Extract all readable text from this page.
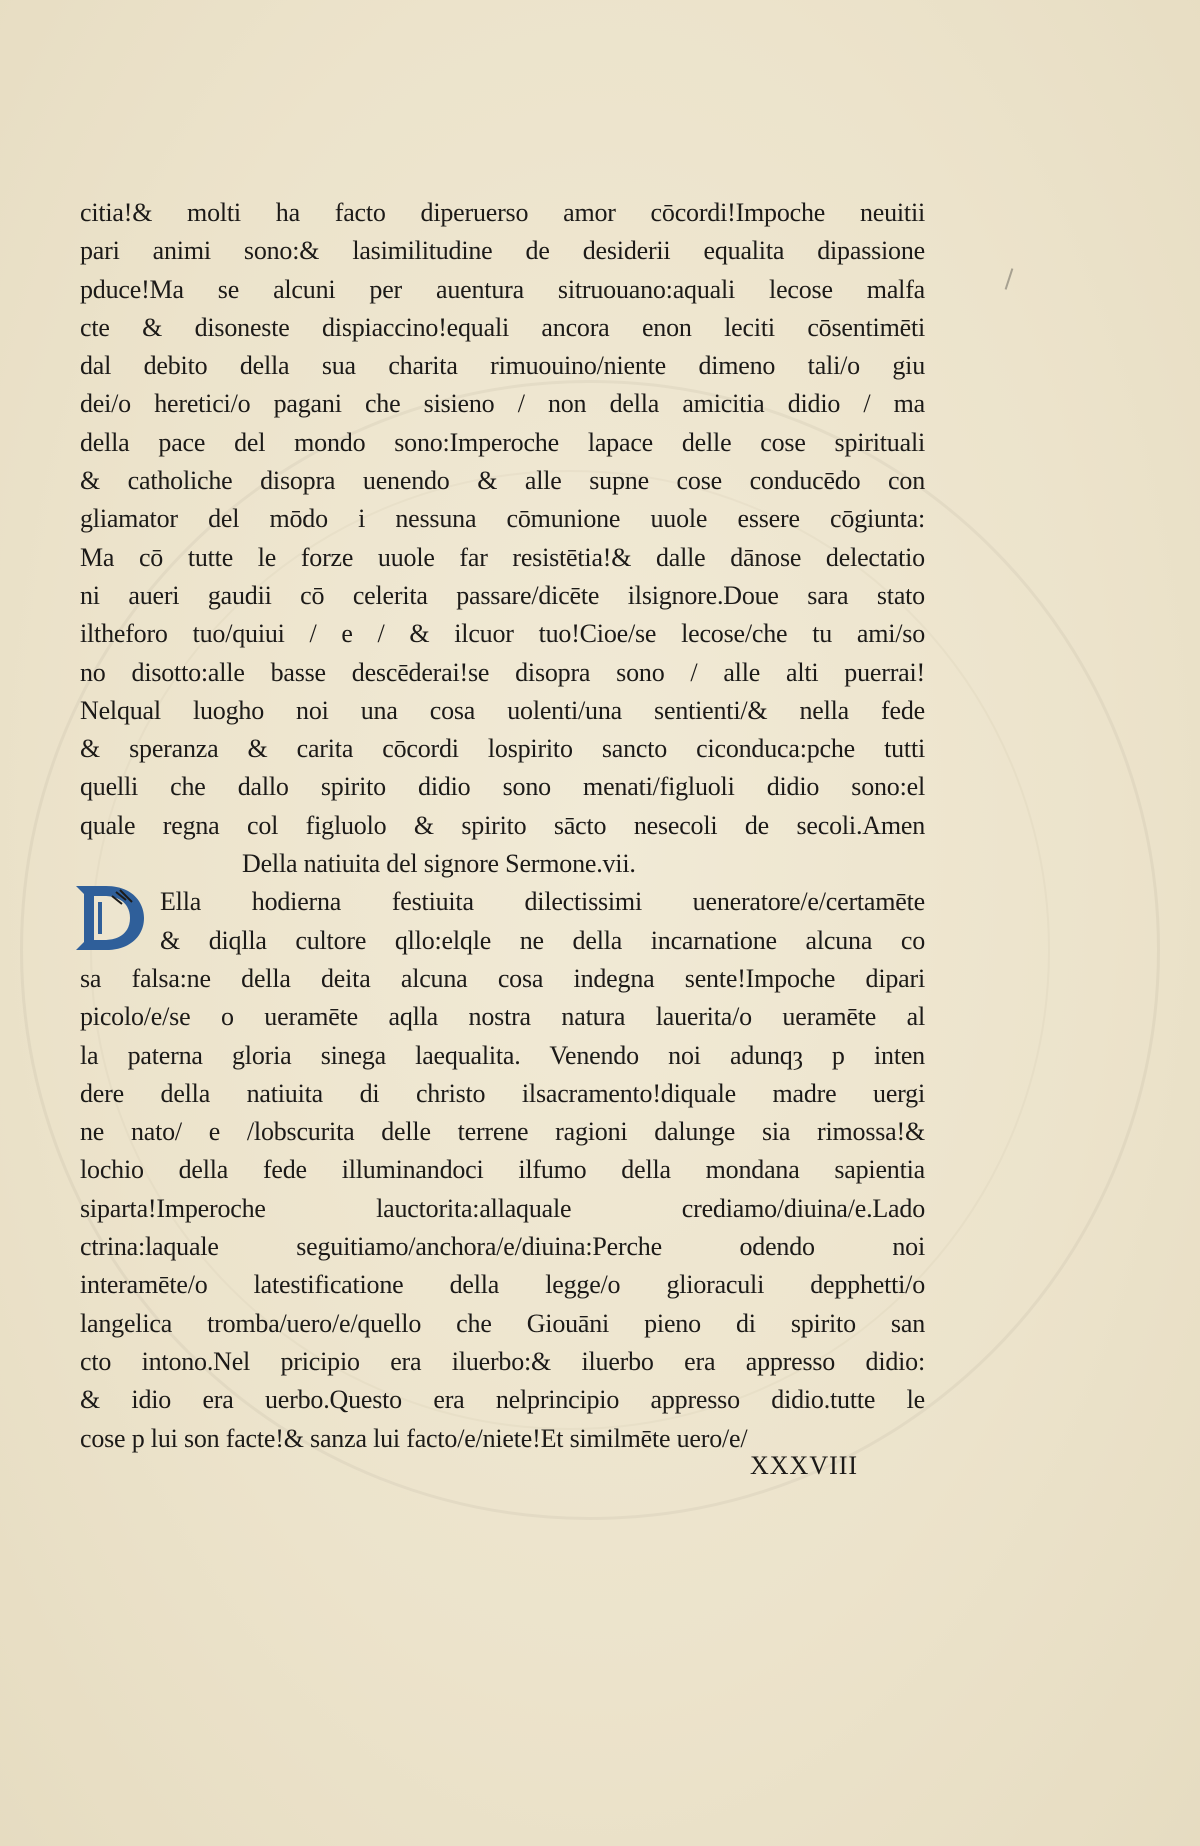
citia!& molti ha facto diperuerso amor cōcordi!Impoche neuitii
pari animi sono:& lasimilitudine de desiderii equalita dipassione
pduce!Ma se alcuni per auentura sitruouano:aquali lecose malfa
cte & disoneste dispiaccino!equali ancora enon leciti cōsentimēti
dal debito della sua charita rimuouino/niente dimeno tali/o giu
dei/o heretici/o pagani che sisieno / non della amicitia didio / ma
della pace del mondo sono:Imperoche lapace delle cose spirituali
& catholiche disopra uenendo & alle supne cose conducēdo con
gliamator del mōdo i nessuna cōmunione uuole essere cōgiunta:
Ma cō tutte le forze uuole far resistētia!& dalle dānose delectatio
ni aueri gaudii cō celerita passare/dicēte ilsignore.Doue sara stato
iltheforo tuo/quiui / e / & ilcuor tuo!Cioe/se lecose/che tu ami/so
no disotto:alle basse descēderai!se disopra sono / alle alti puerrai!
Nelqual luogho noi una cosa uolenti/una sentienti/& nella fede
& speranza & carita cōcordi lospirito sancto ciconduca:pche tutti
quelli che dallo spirito didio sono menati/figluoli didio sono:el
quale regna col figluolo & spirito sācto nesecoli de secoli.Amen
Della natiuita del signore Sermone.vii.
Ella hodierna festiuita dilectissimi ueneratore/e/certamēte
& diqlla cultore qllo:elqle ne della incarnatione alcuna co
sa falsa:ne della deita alcuna cosa indegna sente!Impoche dipari
picolo/e/se o ueramēte aqlla nostra natura lauerita/o ueramēte al
la paterna gloria sinega laequalita. Venendo noi adunqȝ p inten
dere della natiuita di christo ilsacramento!diquale madre uergi
ne nato/ e /lobscurita delle terrene ragioni dalunge sia rimossa!&
lochio della fede illuminandoci ilfumo della mondana sapientia
siparta!Imperoche lauctorita:allaquale crediamo/diuina/e.Lado
ctrina:laquale seguitiamo/anchora/e/diuina:Perche odendo noi
interamēte/o latestificatione della legge/o glioraculi depphetti/o
langelica tromba/uero/e/quello che Giouāni pieno di spirito san
cto intono.Nel pricipio era iluerbo:& iluerbo era appresso didio:
& idio era uerbo.Questo era nelprincipio appresso didio.tutte le
cose p lui son facte!& sanza lui facto/e/niete!Et similmēte uero/e/
XXXVIII
